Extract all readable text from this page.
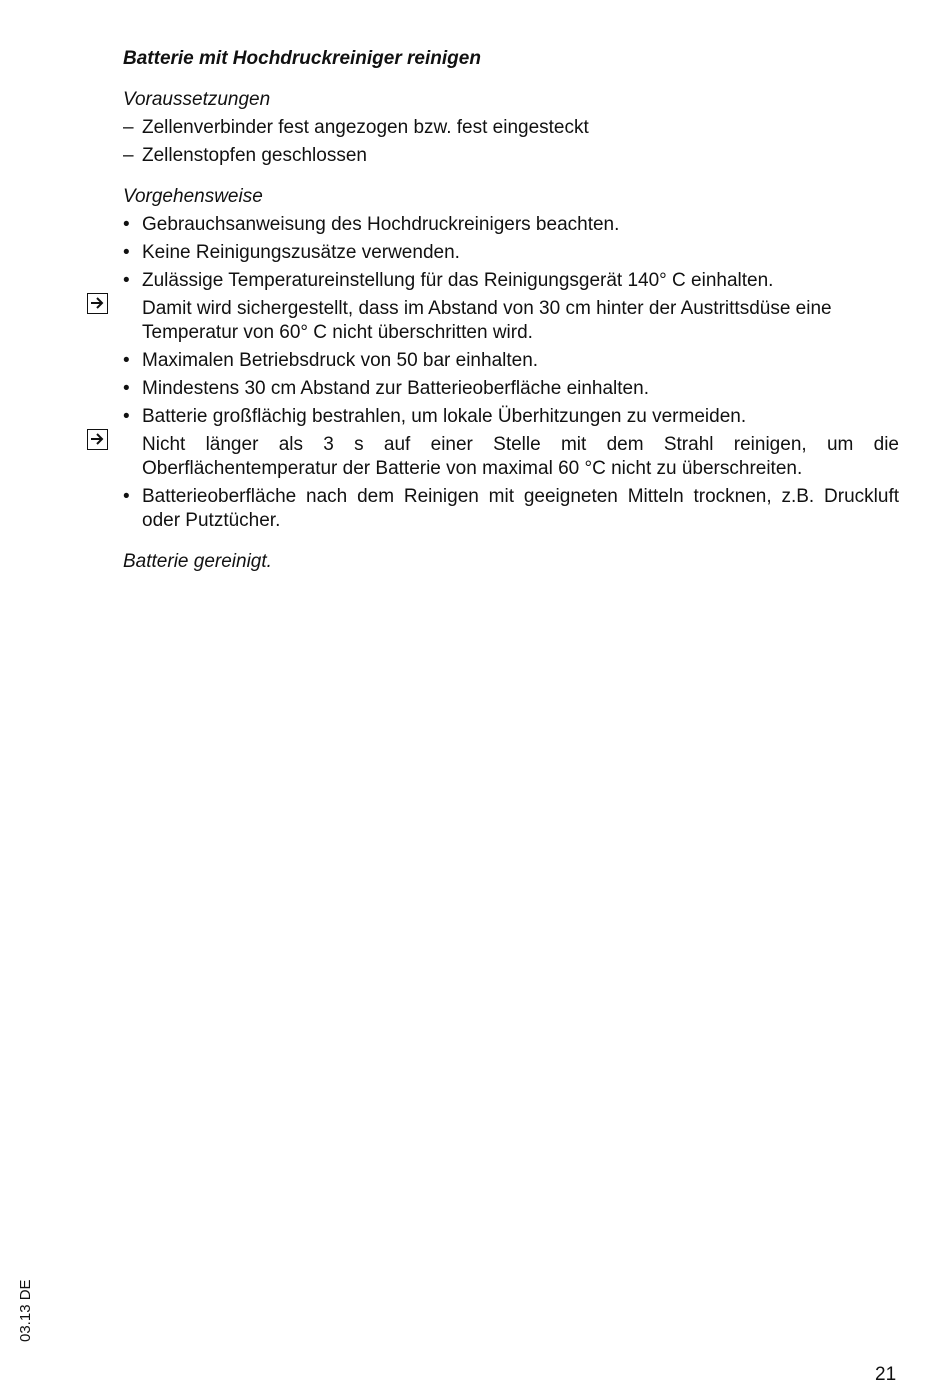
Batterie mit Hochdruckreiniger reinigen

Voraussetzungen

– Zellenverbinder fest angezogen bzw. fest eingesteckt
– Zellenstopfen geschlossen

Vorgehensweise

• Gebrauchsanweisung des Hochdruckreinigers beachten.
• Keine Reinigungszusätze verwenden.
• Zulässige Temperatureinstellung für das Reinigungsgerät 140° C einhalten.
Damit wird sichergestellt, dass im Abstand von 30 cm hinter der Austrittsdüse eine Temperatur von 60° C nicht überschritten wird.
• Maximalen Betriebsdruck von 50 bar einhalten.
• Mindestens 30 cm Abstand zur Batterieoberfläche einhalten.
• Batterie großflächig bestrahlen, um lokale Überhitzungen zu vermeiden.
Nicht länger als 3 s auf einer Stelle mit dem Strahl reinigen, um die Oberflächentemperatur der Batterie von maximal 60 °C nicht zu überschreiten.
• Batterieoberfläche nach dem Reinigen mit geeigneten Mitteln trocknen, z.B. Druckluft oder Putztücher.

Batterie gereinigt.

03.13 DE
21
